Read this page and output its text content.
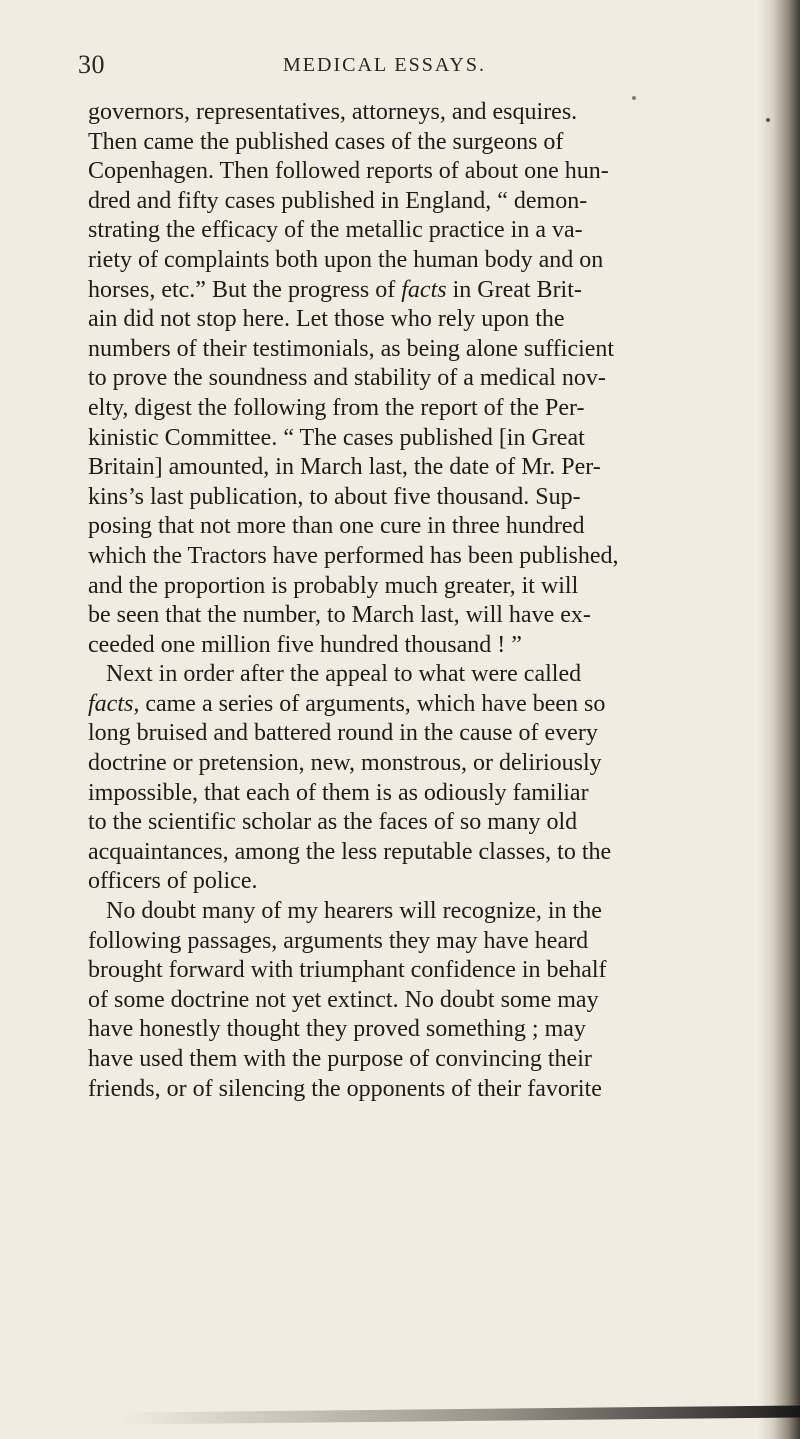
30	MEDICAL ESSAYS.
governors, representatives, attorneys, and esquires.
Then came the published cases of the surgeons of
Copenhagen. Then followed reports of about one hun-
dred and fifty cases published in England, “ demon-
strating the efficacy of the metallic practice in a va-
riety of complaints both upon the human body and on
horses, etc.” But the progress of facts in Great Brit-
ain did not stop here. Let those who rely upon the
numbers of their testimonials, as being alone sufficient
to prove the soundness and stability of a medical nov-
elty, digest the following from the report of the Per-
kinistic Committee. “ The cases published [in Great
Britain] amounted, in March last, the date of Mr. Per-
kins’s last publication, to about five thousand. Sup-
posing that not more than one cure in three hundred
which the Tractors have performed has been published,
and the proportion is probably much greater, it will
be seen that the number, to March last, will have ex-
ceeded one million five hundred thousand ! ”
Next in order after the appeal to what were called
facts, came a series of arguments, which have been so
long bruised and battered round in the cause of every
doctrine or pretension, new, monstrous, or deliriously
impossible, that each of them is as odiously familiar
to the scientific scholar as the faces of so many old
acquaintances, among the less reputable classes, to the
officers of police.
No doubt many of my hearers will recognize, in the
following passages, arguments they may have heard
brought forward with triumphant confidence in behalf
of some doctrine not yet extinct. No doubt some may
have honestly thought they proved something ; may
have used them with the purpose of convincing their
friends, or of silencing the opponents of their favorite
